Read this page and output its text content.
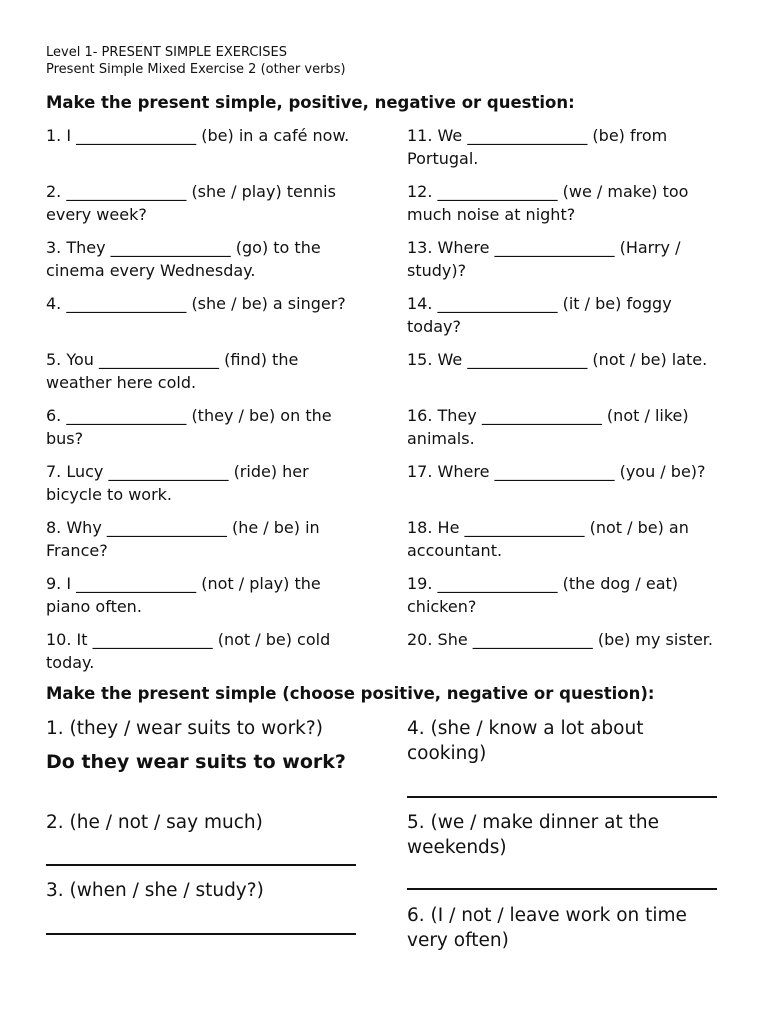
Level 1- PRESENT SIMPLE EXERCISES
Present Simple Mixed Exercise 2 (other verbs)
Make the present simple, positive, negative or question:
1. I _______________ (be) in a café now.
2. _______________ (she / play) tennis every week?
3. They _______________ (go) to the cinema every Wednesday.
4. _______________ (she / be) a singer?
5. You _______________ (find) the weather here cold.
6. _______________ (they / be) on the bus?
7. Lucy _______________ (ride) her bicycle to work.
8. Why _______________ (he / be) in France?
9. I _______________ (not / play) the piano often.
10. It _______________ (not / be) cold today.
11. We _______________ (be) from Portugal.
12. _______________ (we / make) too much noise at night?
13. Where _______________ (Harry / study)?
14. _______________ (it / be) foggy today?
15. We _______________ (not / be) late.
16. They _______________ (not / like) animals.
17. Where _______________ (you / be)?
18. He _______________ (not / be) an accountant.
19. _______________ (the dog / eat) chicken?
20. She _______________ (be) my sister.
Make the present simple (choose positive, negative or question):
1. (they / wear suits to work?)
Do they wear suits to work?
2. (he / not / say much)
3. (when / she / study?)
4. (she / know a lot about cooking)
5. (we / make dinner at the weekends)
6. (I / not / leave work on time very often)
